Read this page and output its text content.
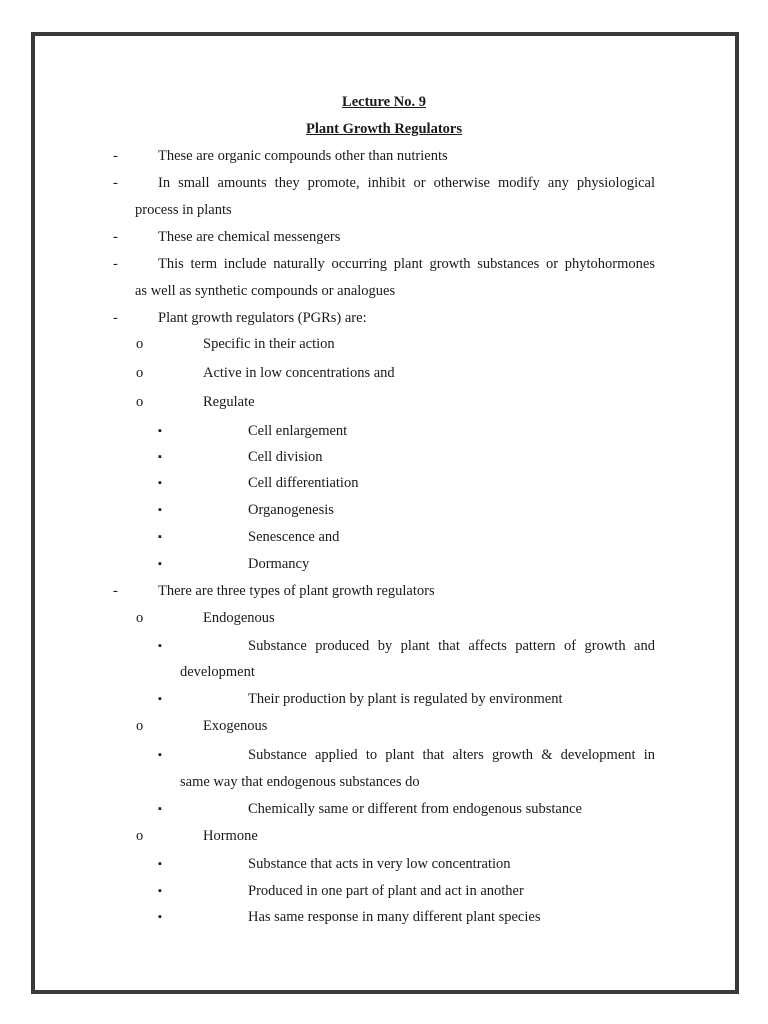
Lecture No. 9
Plant Growth Regulators
-	These are organic compounds other than nutrients
-	In small amounts they promote, inhibit or otherwise modify any physiological
process in plants
-	These are chemical messengers
-	This term include naturally occurring plant growth substances or phytohormones
as well as synthetic compounds or analogues
-	Plant growth regulators (PGRs) are:
o	Specific in their action
o	Active in low concentrations and
o	Regulate
▪	Cell enlargement
▪	Cell division
▪	Cell differentiation
▪	Organogenesis
▪	Senescence and
▪	Dormancy
-	There are three types of plant growth regulators
o	Endogenous
▪	Substance produced by plant that affects pattern of growth and
development
▪	Their production by plant is regulated by environment
o	Exogenous
▪	Substance applied to plant that alters growth & development in
same way that endogenous substances do
▪	Chemically same or different from endogenous substance
o	Hormone
▪	Substance that acts in very low concentration
▪	Produced in one part of plant and act in another
▪	Has same response in many different plant species
